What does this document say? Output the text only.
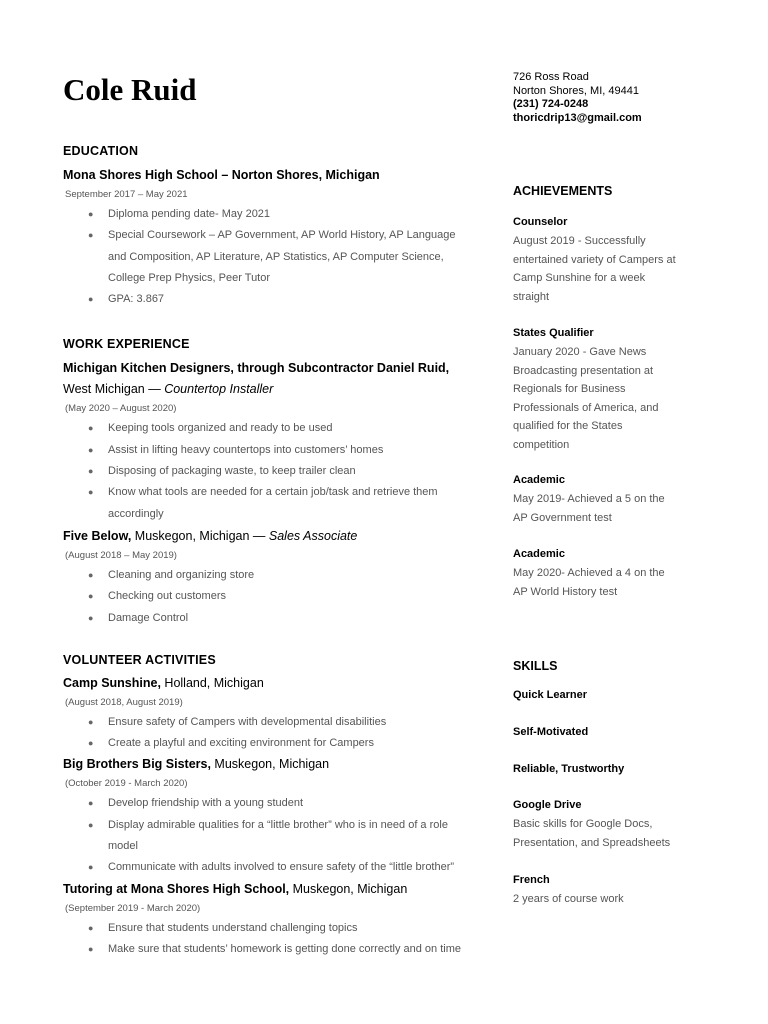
Cole Ruid	726 Ross Road
Norton Shores, MI, 49441
(231) 724-0248
thoricdrip13@gmail.com

EDUCATION

Mona Shores High School – Norton Shores, Michigan

September 2017 – May 2021

● Diploma pending date- May 2021
● Special Coursework – AP Government, AP World History, AP Language
and Composition, AP Literature, AP Statistics, AP Computer Science,
College Prep Physics, Peer Tutor
● GPA: 3.867

WORK EXPERIENCE

Michigan Kitchen Designers, through Subcontractor Daniel Ruid,

West Michigan — Countertop Installer

(May 2020 – August 2020)

● Keeping tools organized and ready to be used
● Assist in lifting heavy countertops into customers’ homes
● Disposing of packaging waste, to keep trailer clean
● Know what tools are needed for a certain job/task and retrieve them
accordingly

Five Below, Muskegon, Michigan — Sales Associate

(August 2018 – May 2019)

● Cleaning and organizing store
● Checking out customers
● Damage Control

VOLUNTEER ACTIVITIES

Camp Sunshine, Holland, Michigan

(August 2018, August 2019)

● Ensure safety of Campers with developmental disabilities
● Create a playful and exciting environment for Campers

Big Brothers Big Sisters, Muskegon, Michigan

(October 2019 - March 2020)

● Develop friendship with a young student
● Display admirable qualities for a “little brother” who is in need of a role
model
● Communicate with adults involved to ensure safety of the “little brother”

Tutoring at Mona Shores High School, Muskegon, Michigan

(September 2019 - March 2020)

● Ensure that students understand challenging topics
● Make sure that students’ homework is getting done correctly and on time
ACHIEVEMENTS

Counselor

August 2019 - Successfully
entertained variety of Campers at
Camp Sunshine for a week
straight

States Qualifier

January 2020 - Gave News
Broadcasting presentation at
Regionals for Business
Professionals of America, and
qualified for the States
competition

Academic

May 2019- Achieved a 5 on the
AP Government test

Academic

May 2020- Achieved a 4 on the
AP World History test

SKILLS

Quick Learner

Self-Motivated

Reliable, Trustworthy

Google Drive

Basic skills for Google Docs,
Presentation, and Spreadsheets

French

2 years of course work
